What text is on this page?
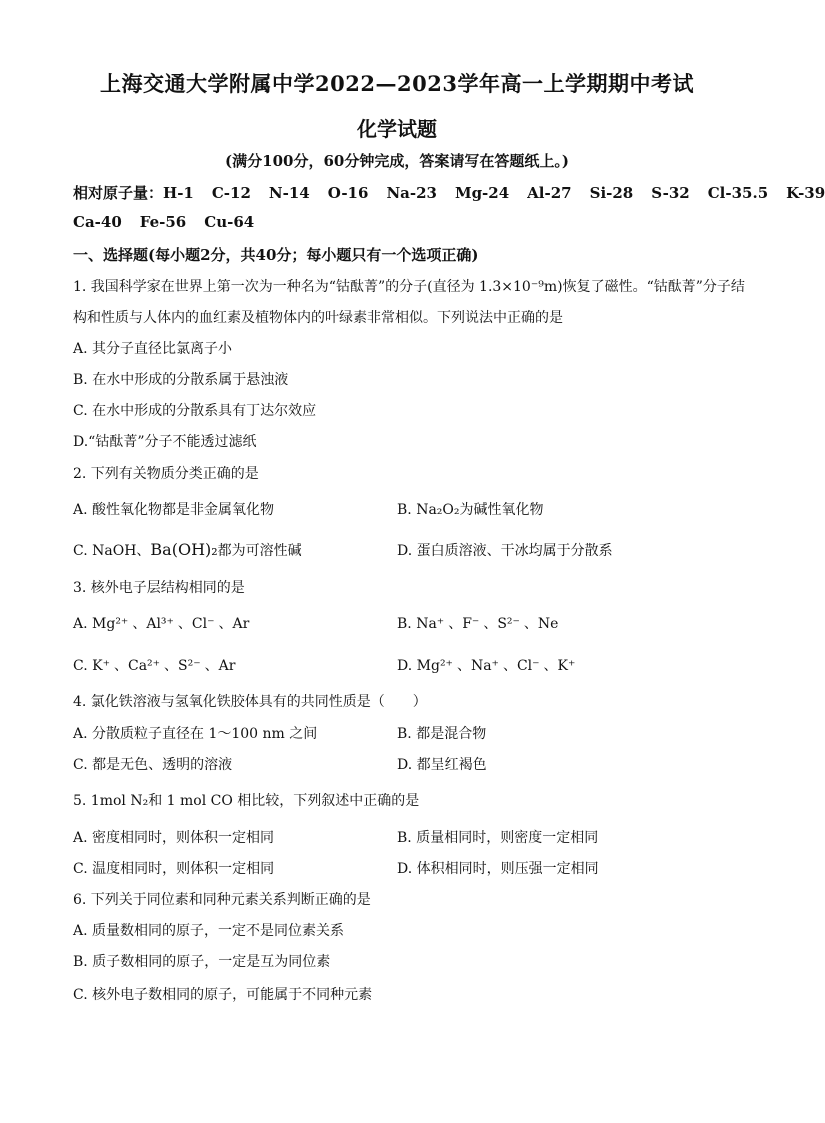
上海交通大学附属中学2022—2023学年高一上学期期中考试
化学试题
(满分100分，60分钟完成，答案请写在答题纸上。)
相对原子量：H-1 C-12 N-14 O-16 Na-23 Mg-24 Al-27 Si-28 S-32 Cl-35.5 K-39
Ca-40 Fe-56 Cu-64
一、选择题(每小题2分，共40分；每小题只有一个选项正确)
1. 我国科学家在世界上第一次为一种名为“钴酞菁”的分子(直径为 1.3×10⁻⁹m)恢复了磁性。“钴酞菁”分子结
构和性质与人体内的血红素及植物体内的叶绿素非常相似。下列说法中正确的是
A. 其分子直径比氯离子小
B. 在水中形成的分散系属于悬浊液
C. 在水中形成的分散系具有丁达尔效应
D.“钴酞菁”分子不能透过滤纸
2. 下列有关物质分类正确的是
A. 酸性氧化物都是非金属氧化物	B. Na₂O₂为碱性氧化物
C. NaOH、Ba(OH)₂都为可溶性碱	D. 蛋白质溶液、干冰均属于分散系
3. 核外电子层结构相同的是
A. Mg²⁺ 、Al³⁺ 、Cl⁻ 、Ar	B. Na⁺ 、F⁻ 、S²⁻ 、Ne
C. K⁺ 、Ca²⁺ 、S²⁻ 、Ar	D. Mg²⁺ 、Na⁺ 、Cl⁻ 、K⁺
4. 氯化铁溶液与氢氧化铁胶体具有的共同性质是（　　）
A. 分散质粒子直径在 1～100 nm 之间	B. 都是混合物
C. 都是无色、透明的溶液	D. 都呈红褐色
5. 1mol N₂和 1 mol CO 相比较，下列叙述中正确的是
A. 密度相同时，则体积一定相同	B. 质量相同时，则密度一定相同
C. 温度相同时，则体积一定相同	D. 体积相同时，则压强一定相同
6. 下列关于同位素和同种元素关系判断正确的是
A. 质量数相同的原子，一定不是同位素关系
B. 质子数相同的原子，一定是互为同位素
C. 核外电子数相同的原子，可能属于不同种元素
